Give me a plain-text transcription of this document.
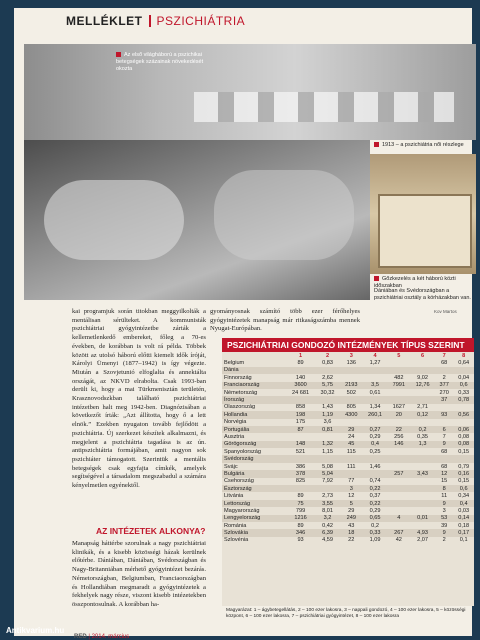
MELLÉKLET PSZICHIÁTRIA
Az első világháború a pszichikai betegségek százainak növekedését okozta
1913 – a pszichiátria női részlege
Gőzkezelés a két háború közti időszakban
Dániában és Svédországban a pszichiátriai osztály a kórházakban van.
Kov Martos
kai programjuk során titokban meggyilkolták a mentálisan sérülteket. A kommunisták pszichiátriai gyógyintézetbe zárták a kellemetlenkedő embereket, főleg a 70-es években, de korábban is volt rá példa. Többek között az utolsó háború előtti kiemelt idők íróját, Károlyi Ümenyi (1877–1942) is így végezte. Miután a Szovjetunió elfoglalta és annektálta országát, az NKVD elrabolta. Csak 1993-ban derült ki, hogy a mai Türkmenisztán területén, Krasznovodszkban található pszichiátriai intézetben halt meg 1942-ben. Diagnózisában a következőt írták: „Azt állította, hogy ő a lett elnök.” Ezekben nyugaton tovább fejlődött a pszichiátria. Új szerkezet készítek alkalmazni, és megjelent a pszichiátria tagadása is az ún. antipszichiátria formájában, amit nagyon sok pszichiáter támogatott. Szerintük a mentális betegségek csak egyfajta címkék, amelyek segítségével a társadalom megszabadul a számára kényelmetlen egyénektől.
gyományosnak számító több ezer férőhelyes gyógyintézetek manapság már ritkaságszámba mennek Nyugat-Európában.
AZ INTÉZETEK ALKONYA?
Manapság háttérbe szorulnak a nagy pszichiátriai klinikák, és a kisebb közösségi házak kerülnek előtérbe. Dániában, Dániában, Svédországban és Nagy-Britanniában mérhető gyógyintézet bezárás. Németországban, Belgiumban, Franciaországban és Hollandiában megmaradt a gyógyintézetek a fekhelyek nagy része, viszont kisebb intézetekben összpontosulnak. A korábban ha-
PSZICHIÁTRIAI GONDOZÓ INTÉZMÉNYEK TÍPUS SZERINT
	1	2	3	4	5	6	7	8
Belgium	89	0,83	136	1,27			68	0,64
Dánia								
Finnország	140	2,62			482	9,02	2	0,04
Franciaország	3600	5,75	2193	3,5	7991	12,76	377	0,6
Németország	24 681	30,32	502	0,61			270	0,33
Írország							37	0,78
Olaszország	858	1,43	805	1,34	1627	2,71		
Hollandia	198	1,19	4300	260,1	20	0,12	93	0,56
Norvégia	175	3,6						
Portugália	87	0,81	29	0,27	22	0,2	6	0,06
Ausztria			24	0,29	256	0,35	7	0,08
Görögország	148	1,32	45	0,4	146	1,3	9	0,08
Spanyolország	521	1,15	115	0,25			68	0,15
Svédország								
Svájc	386	5,08	111	1,46			68	0,79
Bulgária	378	5,04			257	3,43	12	0,16
Csehország	825	7,92	77	0,74			15	0,15
Észtország			3	0,22			8	0,6
Litvánia	89	2,73	12	0,37			11	0,34
Lettország	75	3,55	5	0,22			9	0,4
Magyarország	799	8,01	29	0,29			3	0,03
Lengyelország	1216	3,2	249	0,65	4	0,01	53	0,14
Románia	89	0,42	43	0,2			39	0,18
Szlovákia	346	6,39	18	0,33	267	4,93	9	0,17
Szlovénia	93	4,59	22	1,09	42	2,07	2	0,1
Magyarázat: 1 – ágybetegellátás, 2 – 100 ezer lakosra, 3 – nappali gondozó, 4 – 100 ezer lakosra, 5 – közösségi központ, 6 – 100 ezer lakosra, 7 – pszichiátriai gyógyintézet, 8 – 100 ezer lakosra
RED | 2014. március
Antikvarium.hu
